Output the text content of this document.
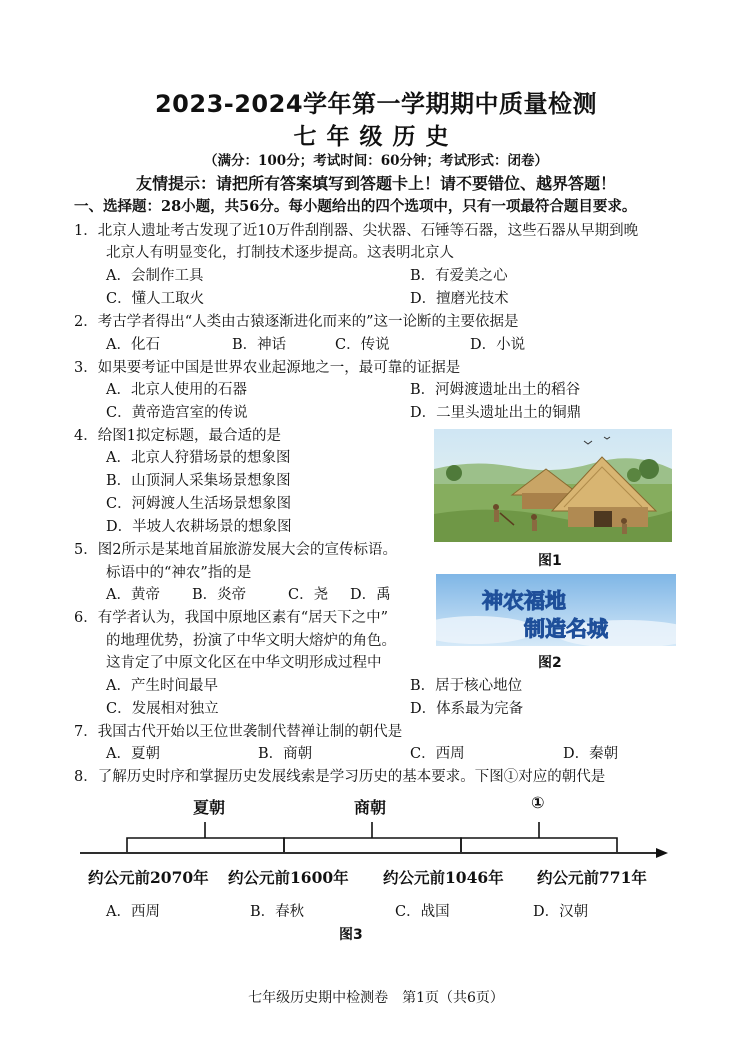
2023-2024学年第一学期期中质量检测
七年级历史
（满分：100分；考试时间：60分钟；考试形式：闭卷）
友情提示：请把所有答案填写到答题卡上！请不要错位、越界答题！
一、选择题：28小题，共56分。每小题给出的四个选项中，只有一项最符合题目要求。
1．北京人遗址考古发现了近10万件刮削器、尖状器、石锤等石器，这些石器从早期到晚
北京人有明显变化，打制技术逐步提高。这表明北京人
A．会制作工具	B．有爱美之心
C．懂人工取火	D．擅磨光技术
2．考古学者得出“人类由古猿逐渐进化而来的”这一论断的主要依据是
A．化石	B．神话	C．传说	D．小说
3．如果要考证中国是世界农业起源地之一，最可靠的证据是
A．北京人使用的石器	B．河姆渡遗址出土的稻谷
C．黄帝造宫室的传说	D．二里头遗址出土的铜鼎
4．给图1拟定标题，最合适的是
A．北京人狩猎场景的想象图
B．山顶洞人采集场景想象图
C．河姆渡人生活场景想象图
D．半坡人农耕场景的想象图
图1
5．图2所示是某地首届旅游发展大会的宣传标语。
标语中的“神农”指的是
A．黄帝 B．炎帝	C．尧 D．禹	神农福地
制造名城
图2
6．有学者认为，我国中原地区素有“居天下之中”
的地理优势，扮演了中华文明大熔炉的角色。
这肯定了中原文化区在中华文明形成过程中
A．产生时间最早	B．居于核心地位
C．发展相对独立	D．体系最为完备
7．我国古代开始以王位世袭制代替禅让制的朝代是
A．夏朝	B．商朝	C．西周	D．秦朝
8．了解历史时序和掌握历史发展线索是学习历史的基本要求。下图①对应的朝代是
夏朝	商朝	①
约公元前2070年 约公元前1600年 约公元前1046年 约公元前771年
A．西周	B．春秋	C．战国	D．汉朝
图3
七年级历史期中检测卷　第1页（共6页）
